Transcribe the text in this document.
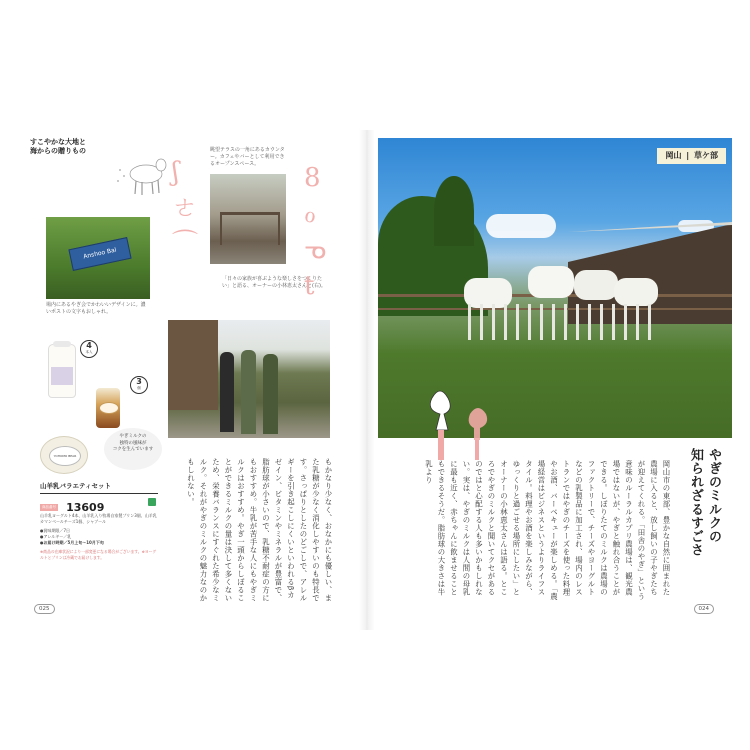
すこやかな大地と
海からの贈りもの	眺望テラスの一角にあるカウンター。カフェやバーとして利用できるオープンスペース。
Anshoo Bal
場内にあるやぎ会でかわいいデザインに。濃いポストの文字もおしゃれ。
「日々の家族が喜ぶような楽しさをつくりたい」と語る、オーナーの小林恵太さんと(右)。
ʃ
ㄜ
⌒
8
ℴ
ᓀ
t
4
本入
3
個
YOHOMO BEAR
やぎミルクの
独特の風味が
コクを生んでいます
山羊乳バラエティセット
商品番号 13609
山羊乳ヨーグルト4本、山羊乳入り牧場自家製プリン3個、山羊乳カマンベールチーズ1個、シャブール
●賞味期限／7日
●アレルギー／乳
●お届け時期／5月上旬〜10月下旬
※商品の在庫状況により一部変更になる場合がございます。※ヨーグルトとプリンは冷蔵でお届けします。	もかなり少なく、おなかにも優しい、また乳糖が少なく消化しやすいのも特長です。さっぱりとしたのどごしで、アレルギーを引き起こしにくいといわれるβカゼイン、ビタミンやミネラルが豊富で、脂肪球が小さいので、乳糖不耐症の方にもおすすめ。牛乳が苦手な人にもやぎミルクはおすすめ。やぎ一頭からしぼることができるミルクの量は決して多くないため、栄養バランスにすぐれた希少なミルク。それがやぎのミルクの魅力なのかもしれない。
025
岡山 | 草ケ部
やぎのミルクの
知られざるすごさ
岡山市の東部、豊かな自然に囲まれた農場に入ると、放し飼いの子やぎたちが迎えてくれる。「田舎のやぎ」という意味のルーラルカプリ農場は、観光農場ではないが、やぎと触れ合うことができる。しぼりたてのミルクは農場のファクトリーで、チーズやヨーグルトなどの乳製品に加工され、場内のレストランではやぎのチーズを使った料理やお酒、バーベキューが楽しめる。「農場経営はビジネスというよりライフスタイル。料理やお酒を楽しみながら、ゆっくりと過ごせる場所にしたい」とオーナーの小林恵太さんは語る。ところでやぎのミルクと聞いてクセがあるのではと心配する人も多いかもしれない。実は、やぎのミルクは人間の母乳に最も近く、赤ちゃんに飲ませることもできるそうだ。脂肪球の大きさは牛乳より
024
